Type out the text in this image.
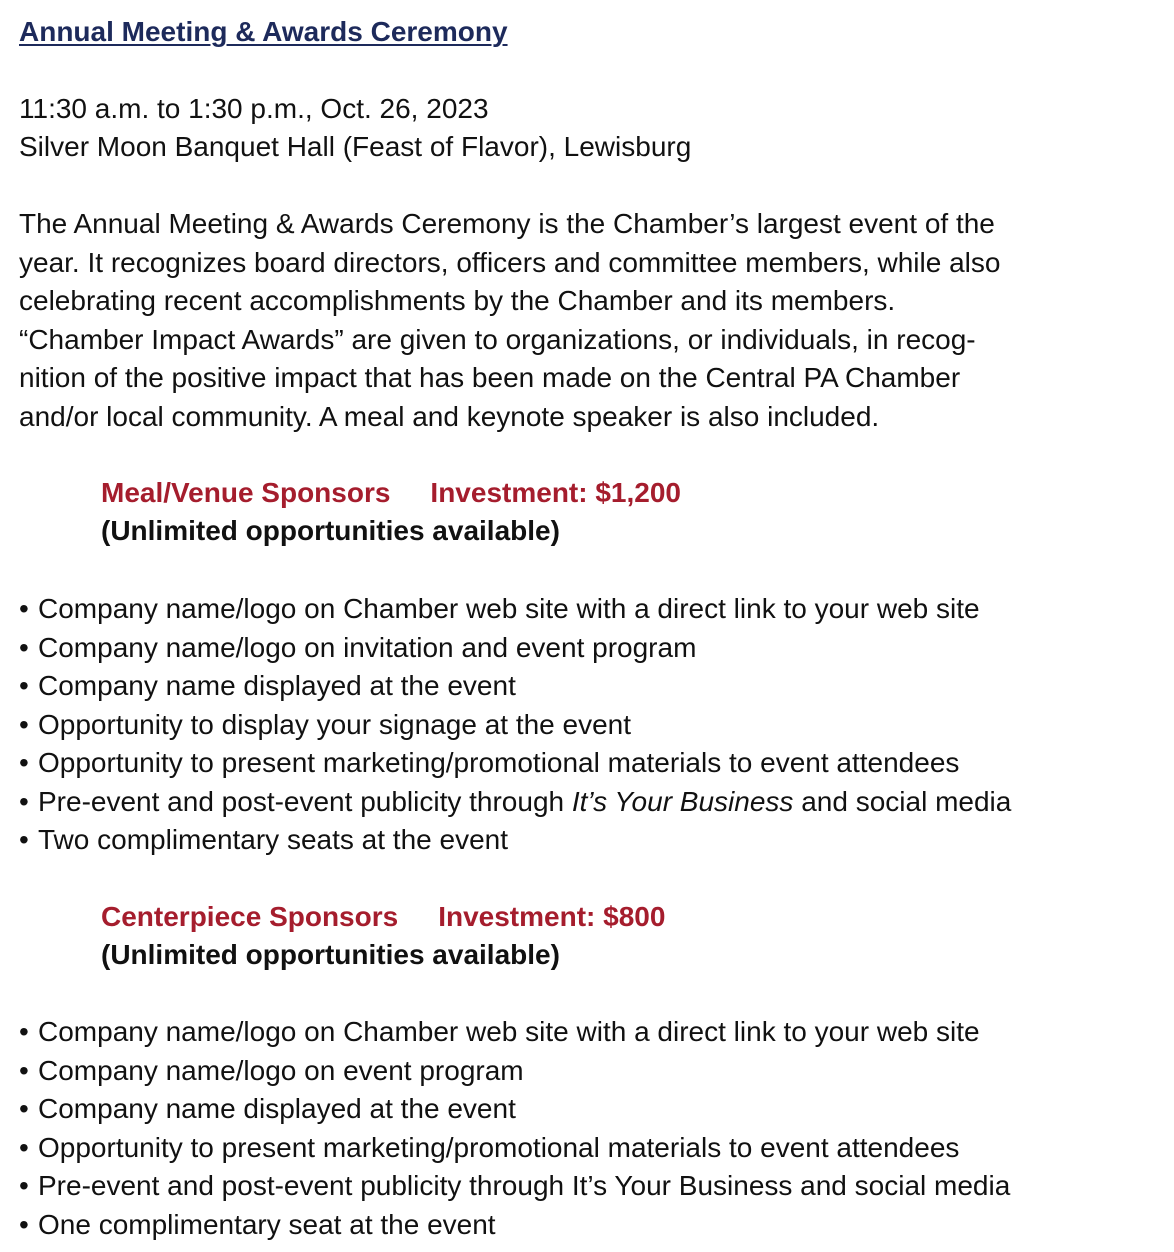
Annual Meeting & Awards Ceremony
11:30 a.m. to 1:30 p.m., Oct. 26, 2023
Silver Moon Banquet Hall (Feast of Flavor), Lewisburg

The Annual Meeting & Awards Ceremony is the Chamber’s largest event of the
year. It recognizes board directors, officers and committee members, while also
celebrating recent accomplishments by the Chamber and its members.
“Chamber Impact Awards” are given to organizations, or individuals, in recog-
nition of the positive impact that has been made on the Central PA Chamber
and/or local community. A meal and keynote speaker is also included.

Meal/Venue Sponsors Investment: $1,200
(Unlimited opportunities available)
• Company name/logo on Chamber web site with a direct link to your web site
• Company name/logo on invitation and event program
• Company name displayed at the event
• Opportunity to display your signage at the event
• Opportunity to present marketing/promotional materials to event attendees
• Pre-event and post-event publicity through It’s Your Business and social media
• Two complimentary seats at the event
Centerpiece Sponsors Investment: $800
(Unlimited opportunities available)
• Company name/logo on Chamber web site with a direct link to your web site
• Company name/logo on event program
• Company name displayed at the event
• Opportunity to present marketing/promotional materials to event attendees
• Pre-event and post-event publicity through It’s Your Business and social media
• One complimentary seat at the event
